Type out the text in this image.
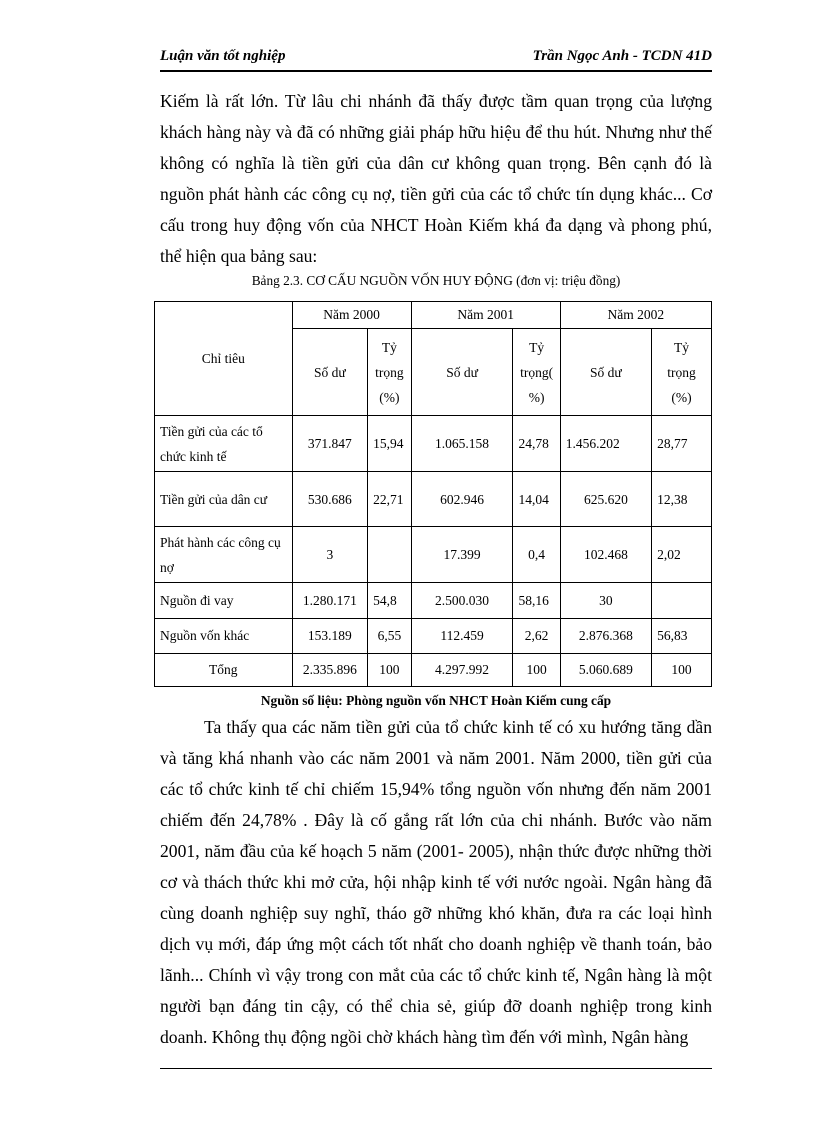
Luận văn tốt nghiệp	Trần Ngọc Anh - TCDN 41D

Kiếm là rất lớn. Từ lâu chi nhánh đã thấy được tầm quan trọng của lượng khách hàng này và đã có những giải pháp hữu hiệu để thu hút. Nhưng như thế không có nghĩa là tiền gửi của dân cư không quan trọng. Bên cạnh đó là nguồn phát hành các công cụ nợ, tiền gửi của các tổ chức tín dụng khác... Cơ cấu trong huy động vốn của NHCT Hoàn Kiếm khá đa dạng và phong phú, thể hiện qua bảng sau:

Bảng 2.3. CƠ CẤU NGUỒN VỐN HUY ĐỘNG (đơn vị: triệu đồng)
Chỉ tiêu	Năm 2000		Năm 2001		Năm 2002	
	Số dư	Tỷ
trọng
(%)	Số dư	Tỷ
trọng(
%)	Số dư	Tỷ
trọng
(%)
Tiền gửi của các tổ chức kinh tế	371.847	15,94	1.065.158	24,78	1.456.202	28,77
Tiền gửi của dân cư	530.686	22,71	602.946	14,04	625.620	12,38
Phát hành các công cụ nợ	3		17.399	0,4	102.468	2,02
Nguồn đi vay	1.280.171	54,8	2.500.030	58,16	30	
Nguồn vốn khác	153.189	6,55	112.459	2,62	2.876.368	56,83
Tổng	2.335.896	100	4.297.992	100	5.060.689	100
Nguồn số liệu: Phòng nguồn vốn NHCT Hoàn Kiếm cung cấp

Ta thấy qua các năm tiền gửi của tổ chức kinh tế có xu hướng tăng dần và tăng khá nhanh vào các năm 2001 và năm 2001. Năm 2000, tiền gửi của các tổ chức kinh tế chỉ chiếm 15,94% tổng nguồn vốn nhưng đến năm 2001 chiếm đến 24,78% . Đây là cố gắng rất lớn của chi nhánh. Bước vào năm 2001, năm đầu của kế hoạch 5 năm (2001- 2005), nhận thức được những thời cơ và thách thức khi mở cửa, hội nhập kinh tế với nước ngoài. Ngân hàng đã cùng doanh nghiệp suy nghĩ, tháo gỡ những khó khăn, đưa ra các loại hình dịch vụ mới, đáp ứng một cách tốt nhất cho doanh nghiệp về thanh toán, bảo lãnh... Chính vì vậy trong con mắt của các tổ chức kinh tế, Ngân hàng là một người bạn đáng tin cậy, có thể chia sẻ, giúp đỡ doanh nghiệp trong kinh doanh. Không thụ động ngồi chờ khách hàng tìm đến với mình, Ngân hàng
